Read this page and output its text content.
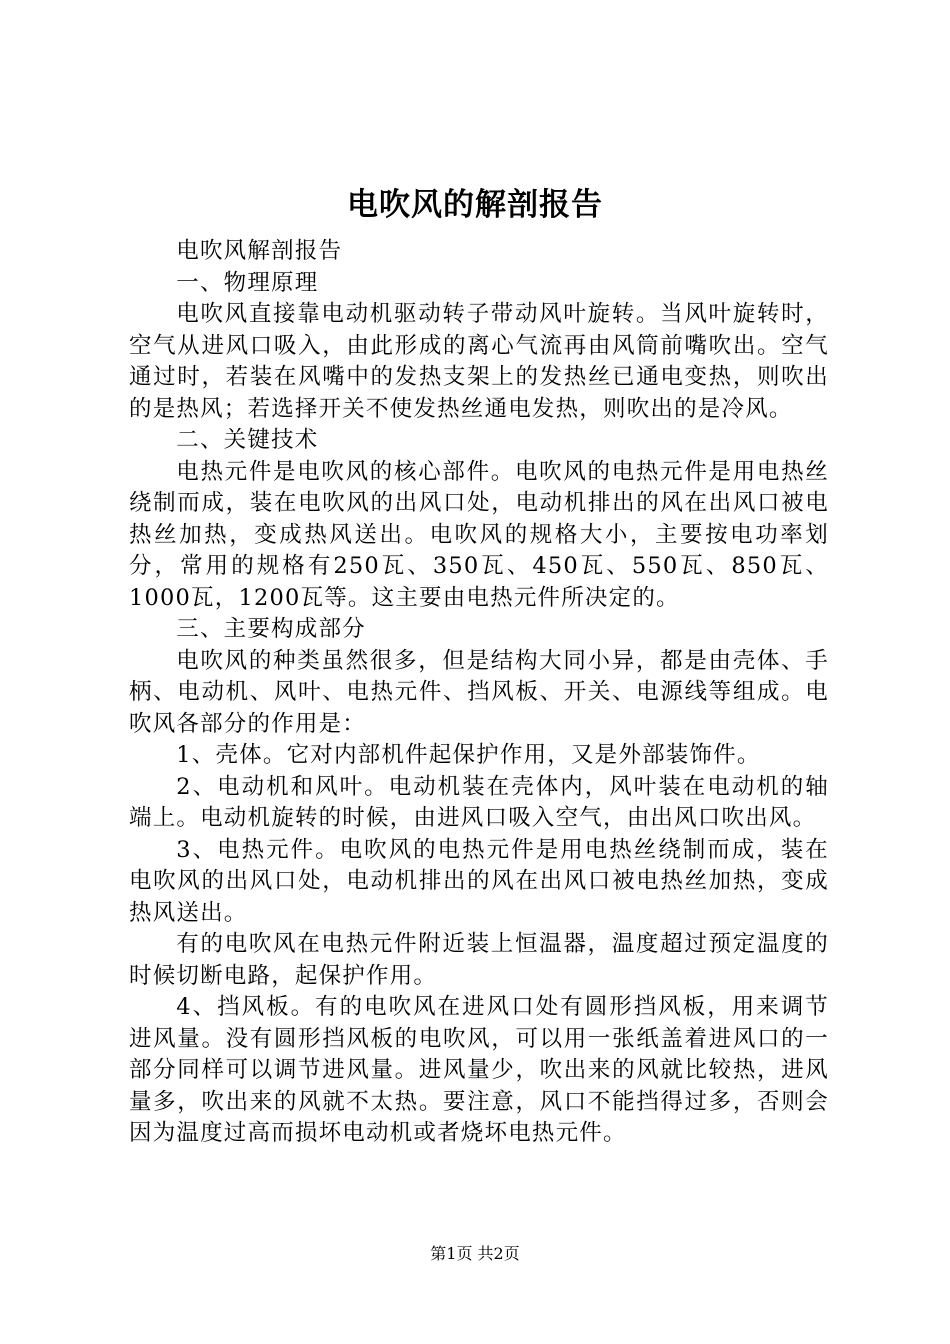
电吹风的解剖报告

电吹风解剖报告

一、物理原理

电吹风直接靠电动机驱动转子带动风叶旋转。当风叶旋转时，空气从进风口吸入，由此形成的离心气流再由风筒前嘴吹出。空气通过时，若装在风嘴中的发热支架上的发热丝已通电变热，则吹出的是热风；若选择开关不使发热丝通电发热，则吹出的是冷风。

二、关键技术

电热元件是电吹风的核心部件。电吹风的电热元件是用电热丝绕制而成，装在电吹风的出风口处，电动机排出的风在出风口被电热丝加热，变成热风送出。电吹风的规格大小，主要按电功率划分，常用的规格有250瓦、350瓦、450瓦、550瓦、850瓦、1000瓦，1200瓦等。这主要由电热元件所决定的。

三、主要构成部分

电吹风的种类虽然很多，但是结构大同小异，都是由壳体、手柄、电动机、风叶、电热元件、挡风板、开关、电源线等组成。电吹风各部分的作用是：

1、壳体。它对内部机件起保护作用，又是外部装饰件。

2、电动机和风叶。电动机装在壳体内，风叶装在电动机的轴端上。电动机旋转的时候，由进风口吸入空气，由出风口吹出风。

3、电热元件。电吹风的电热元件是用电热丝绕制而成，装在电吹风的出风口处，电动机排出的风在出风口被电热丝加热，变成热风送出。

有的电吹风在电热元件附近装上恒温器，温度超过预定温度的时候切断电路，起保护作用。

4、挡风板。有的电吹风在进风口处有圆形挡风板，用来调节进风量。没有圆形挡风板的电吹风，可以用一张纸盖着进风口的一部分同样可以调节进风量。进风量少，吹出来的风就比较热，进风量多，吹出来的风就不太热。要注意，风口不能挡得过多，否则会因为温度过高而损坏电动机或者烧坏电热元件。

第1页 共2页
